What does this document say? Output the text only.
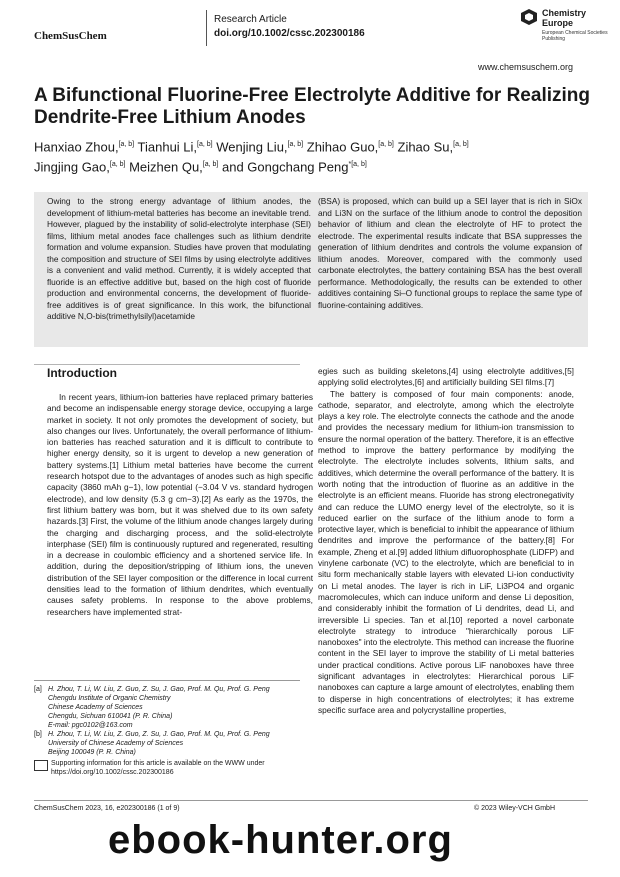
ChemSusChem
Research Article
doi.org/10.1002/cssc.202300186
Chemistry
Europe
European Chemical Societies Publishing
www.chemsuschem.org
A Bifunctional Fluorine-Free Electrolyte Additive for Realizing Dendrite-Free Lithium Anodes
Hanxiao Zhou,[a, b] Tianhui Li,[a, b] Wenjing Liu,[a, b] Zhihao Guo,[a, b] Zihao Su,[a, b]
Jingjing Gao,[a, b] Meizhen Qu,[a, b] and Gongchang Peng$^{*[a, b]}$
Owing to the strong energy advantage of lithium anodes, the development of lithium-metal batteries has become an inevitable trend. However, plagued by the instability of solid-electrolyte interphase (SEI) films, lithium metal anodes face challenges such as lithium dendrite formation and volume expansion. Studies have proven that modulating the composition and structure of SEI films by using electrolyte additives is a convenient and valid method. Currently, it is widely accepted that fluoride is an effective additive but, based on the high cost of fluoride production and environmental concerns, the development of fluoride-free additives is of great significance. In this work, the bifunctional additive N,O-bis(trimethylsilyl)acetamide
(BSA) is proposed, which can build up a SEI layer that is rich in SiOx and Li3N on the surface of the lithium anode to control the deposition behavior of lithium and clean the electrolyte of HF to protect the electrode. The experimental results indicate that BSA suppresses the generation of lithium dendrites and controls the volume expansion of lithium anodes. Moreover, compared with the commonly used carbonate electrolytes, the battery containing BSA has the best overall performance. Methodologically, the results can be extended to other additives containing Si–O functional groups to replace the same type of fluorine-containing additives.
Introduction

In recent years, lithium-ion batteries have replaced primary batteries and become an indispensable energy storage device, occupying a large market in society. It not only promotes the development of society, but also changes our lives. Unfortunately, the overall performance of lithium-ion batteries has reached saturation and it is difficult to contribute to higher energy density, so it is urgent to develop a new generation of battery systems.[1] Lithium metal batteries have become the current research hotspot due to the advantages of anodes such as high specific capacity (3860 mAh g−1), low potential (−3.04 V vs. standard hydrogen electrode), and low density (5.3 g cm−3).[2] As early as the 1970s, the first lithium battery was born, but it was shelved due to its own safety hazards.[3] First, the volume of the lithium anode changes largely during the charging and discharging process, and the solid-electrolyte interphase (SEI) film is continuously ruptured and regenerated, resulting in a decrease in coulombic efficiency and a shortened service life. In addition, during the deposition/stripping of lithium ions, the uneven distribution of the SEI layer composition or the difference in local current densities lead to the formation of lithium dendrites, which eventually causes safety problems. In response to the above problems, researchers have implemented strat-

egies such as building skeletons,[4] using electrolyte additives,[5] applying solid electrolytes,[6] and artificially building SEI films.[7]

The battery is composed of four main components: anode, cathode, separator, and electrolyte, among which the electrolyte plays a key role. The electrolyte connects the cathode and the anode and provides the necessary medium for lithium-ion transmission to ensure the normal operation of the battery. Therefore, it is an effective method to improve the battery performance by modifying the electrolyte. The electrolyte includes solvents, lithium salts, and additives, which determine the overall performance of the battery. It is worth noting that the introduction of fluorine as an additive in the electrolyte is an efficient means. Fluoride has strong electronegativity and can reduce the LUMO energy level of the electrolyte, so it is reduced earlier on the surface of the lithium anode to form a protective layer, which is beneficial to inhibit the appearance of lithium dendrites and improve the performance of the battery.[8] For example, Zheng et al.[9] added lithium difluorophosphate (LiDFP) and vinylene carbonate (VC) to the electrolyte, which are beneficial to in situ form mechanically stable layers with elevated Li-ion conductivity on Li metal anodes. The layer is rich in LiF, Li3PO4 and organic macromolecules, which can induce uniform and dense Li deposition, and considerably inhibit the formation of Li dendrites, dead Li, and irreversible Li species. Tan et al.[10] reported a novel carbonate electrolyte strategy to introduce "hierarchically porous LiF nanoboxes" into the electrolyte. This method can increase the fluorine content in the SEI layer to improve the stability of Li metal batteries under practical conditions. Active porous LiF nanoboxes have three significant advantages in electrolytes: Hierarchical porous LiF nanoboxes can capture a large amount of electrolytes, enabling them to disperse in high concentrations of electrolytes; it has extreme specific surface area and polycrystalline properties,

[a] H. Zhou, T. Li, W. Liu, Z. Guo, Z. Su, J. Gao, Prof. M. Qu, Prof. G. Peng
Chengdu Institute of Organic Chemistry
Chinese Academy of Sciences
Chengdu, Sichuan 610041 (P. R. China)
E-mail: pgc0102@163.com
[b] H. Zhou, T. Li, W. Liu, Z. Guo, Z. Su, J. Gao, Prof. M. Qu, Prof. G. Peng
University of Chinese Academy of Sciences
Beijing 100049 (P. R. China)
Supporting information for this article is available on the WWW under https://doi.org/10.1002/cssc.202300186
ChemSusChem 2023, 16, e202300186 (1 of 9)	© 2023 Wiley-VCH GmbH
ebook-hunter.org
